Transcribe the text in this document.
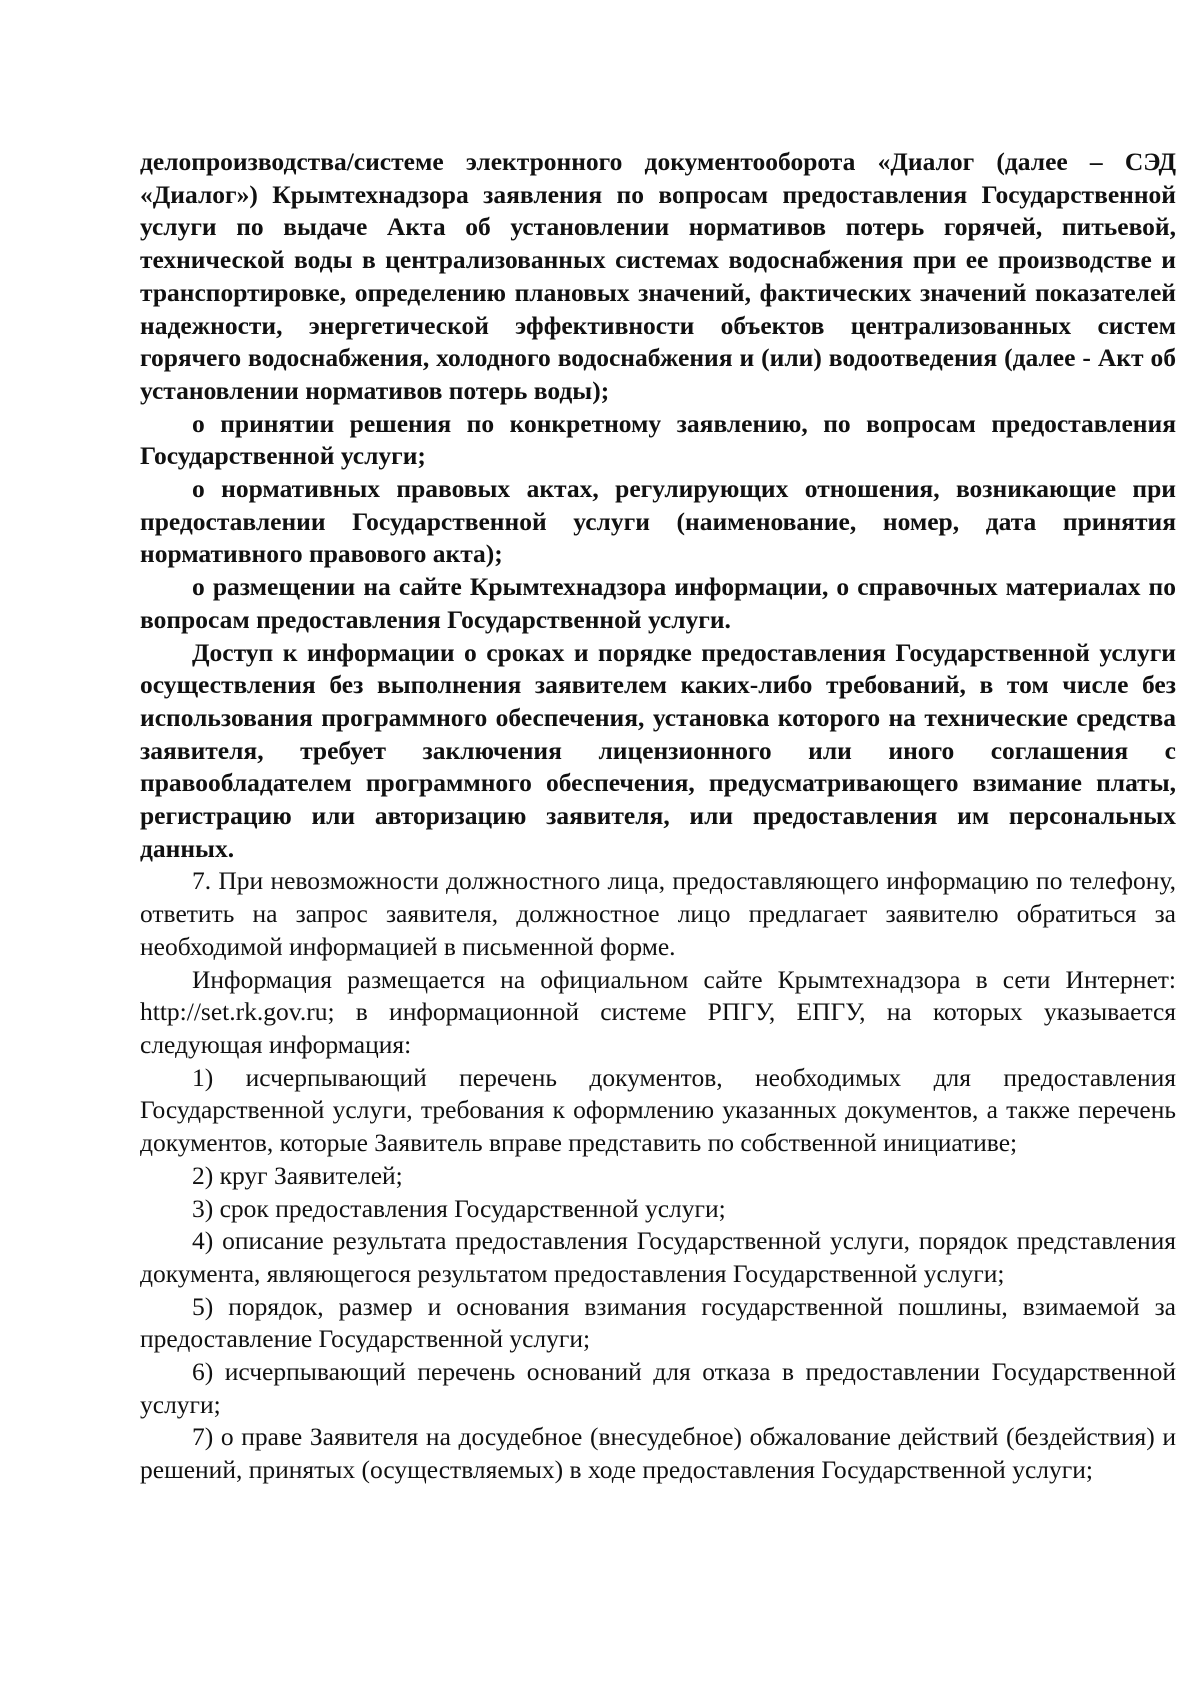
делопроизводства/системе электронного документооборота «Диалог (далее – СЭД «Диалог») Крымтехнадзора заявления по вопросам предоставления Государственной услуги по выдаче Акта об установлении нормативов потерь горячей, питьевой, технической воды в централизованных системах водоснабжения при ее производстве и транспортировке, определению плановых значений, фактических значений показателей надежности, энергетической эффективности объектов централизованных систем горячего водоснабжения, холодного водоснабжения и (или) водоотведения (далее - Акт об установлении нормативов потерь воды);

о принятии решения по конкретному заявлению, по вопросам предоставления Государственной услуги;

о нормативных правовых актах, регулирующих отношения, возникающие при предоставлении Государственной услуги (наименование, номер, дата принятия нормативного правового акта);

о размещении на сайте Крымтехнадзора информации, о справочных материалах по вопросам предоставления Государственной услуги.

Доступ к информации о сроках и порядке предоставления Государственной услуги осуществления без выполнения заявителем каких-либо требований, в том числе без использования программного обеспечения, установка которого на технические средства заявителя, требует заключения лицензионного или иного соглашения с правообладателем программного обеспечения, предусматривающего взимание платы, регистрацию или авторизацию заявителя, или предоставления им персональных данных.

7. При невозможности должностного лица, предоставляющего информацию по телефону, ответить на запрос заявителя, должностное лицо предлагает заявителю обратиться за необходимой информацией в письменной форме.

Информация размещается на официальном сайте Крымтехнадзора в сети Интернет: http://set.rk.gov.ru; в информационной системе РПГУ, ЕПГУ, на которых указывается следующая информация:

1) исчерпывающий перечень документов, необходимых для предоставления Государственной услуги, требования к оформлению указанных документов, а также перечень документов, которые Заявитель вправе представить по собственной инициативе;

2) круг Заявителей;

3) срок предоставления Государственной услуги;

4) описание результата предоставления Государственной услуги, порядок представления документа, являющегося результатом предоставления Государственной услуги;

5) порядок, размер и основания взимания государственной пошлины, взимаемой за предоставление Государственной услуги;

6) исчерпывающий перечень оснований для отказа в предоставлении Государственной услуги;

7) о праве Заявителя на досудебное (внесудебное) обжалование действий (бездействия) и решений, принятых (осуществляемых) в ходе предоставления Государственной услуги;
